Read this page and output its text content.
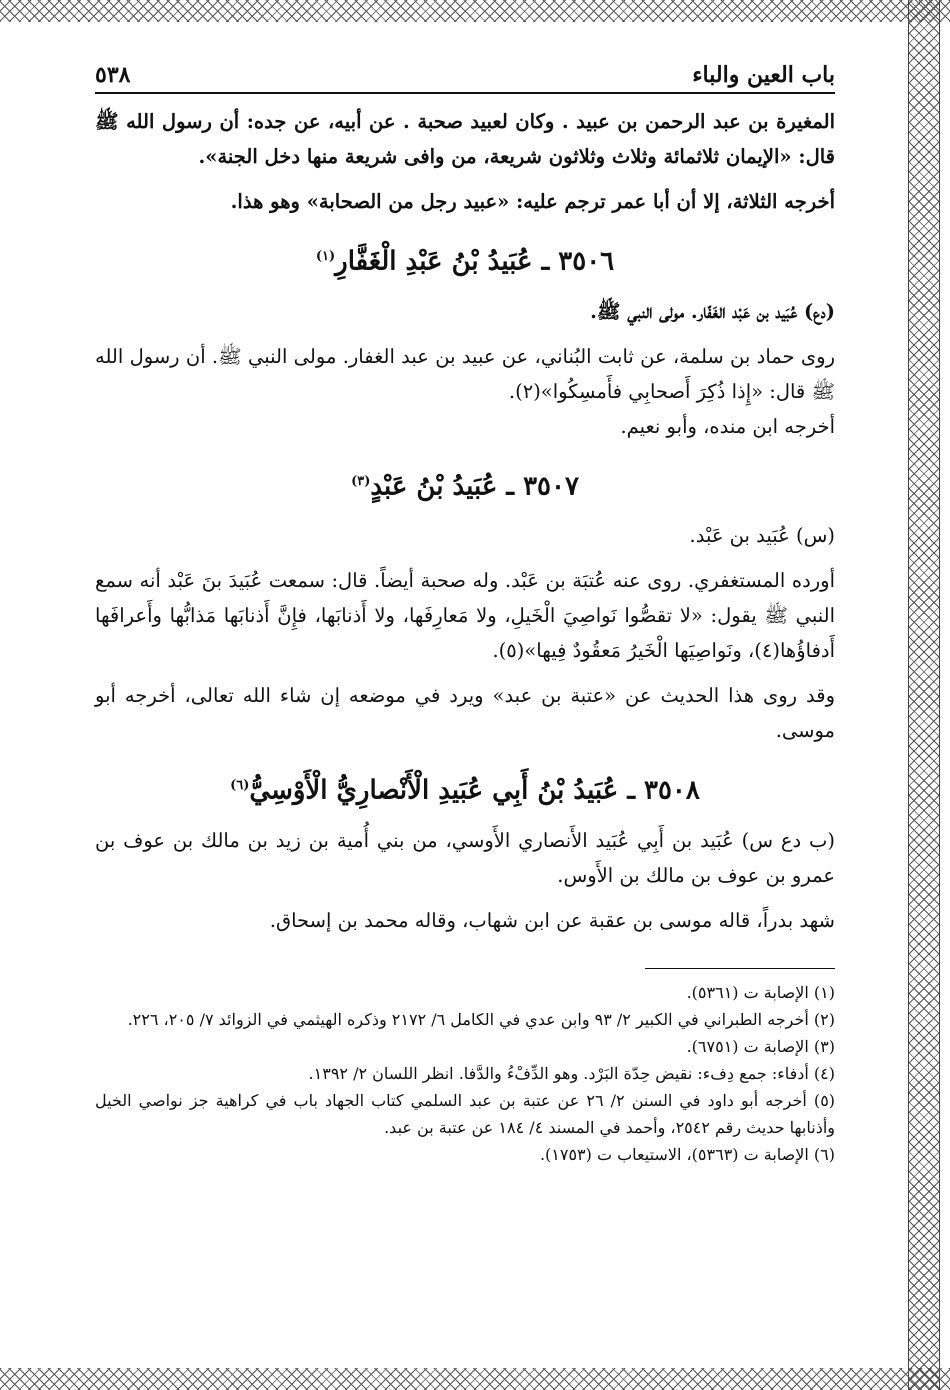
باب العين والباء
٥٣٨

المغيرة بن عبد الرحمن بن عبيد . وكان لعبيد صحبة . عن أبيه، عن جده: أن رسول الله ﷺ قال: «الإيمان ثلاثمائة وثلاث وثلاثون شريعة، من وافى شريعة منها دخل الجنة».

أخرجه الثلاثة، إلا أن أبا عمر ترجم عليه: «عبيد رجل من الصحابة» وهو هذا.

٣٥٠٦ ـ عُبَيدُ بْنُ عَبْدِ الْغَفَّارِ$^{(١)}$

(دع) عُبَيد بن عَبْد الغَفّار. مولى النبي ﷺ.

روى حماد بن سلمة، عن ثابت البُناني، عن عبيد بن عبد الغفار. مولى النبي ﷺ. أن رسول الله ﷺ قال: «إِذا ذُكِرَ أَصحابِي فأَمسِكُوا»(٢).

أخرجه ابن منده، وأبو نعيم.

٣٥٠٧ ـ عُبَيدُ بْنُ عَبْدٍ$^{(٣)}$

(س) عُبَيد بن عَبْد.

أورده المستغفري. روى عنه عُتبَة بن عَبْد. وله صحبة أيضاً. قال: سمعت عُبَيدَ بنَ عَبْد أنه سمع النبي ﷺ يقول: «لا تقصُّوا نَواصِيَ الْخَيلِ، ولا مَعارِفَها، ولا أَذنابَها، فإِنَّ أَذنابَها مَذابُّها وأَعرافَها أَدفاؤُها(٤)، ونَواصِيَها الْخَيرُ مَعقُودٌ فِيها»(٥).

وقد روى هذا الحديث عن «عتبة بن عبد» ويرد في موضعه إن شاء الله تعالى، أخرجه أبو موسى.

٣٥٠٨ ـ عُبَيدُ بْنُ أَبِي عُبَيدِ الْأَنْصارِيُّ الْأَوْسِيُّ$^{(٦)}$

(ب دع س) عُبَيد بن أَبِي عُبَيد الأَنصاري الأَوسي، من بني أُمية بن زيد بن مالك بن عوف بن عمرو بن عوف بن مالك بن الأَوس.

شهد بدراً، قاله موسى بن عقبة عن ابن شهاب، وقاله محمد بن إسحاق.

(١) الإصابة ت (٥٣٦١).

(٢) أخرجه الطبراني في الكبير ٢/ ٩٣ وابن عدي في الكامل ٦/ ٢١٧٢ وذكره الهيثمي في الزوائد ٧/ ٢٠٥، ٢٢٦.

(٣) الإصابة ت (٦٧٥١).

(٤) أدفاء: جمع دِفء: نقيض حِدّة البَرْد. وهو الدِّفْءُ والدَّفا. انظر اللسان ٢/ ١٣٩٢.

(٥) أخرجه أبو داود في السنن ٢/ ٢٦ عن عتبة بن عبد السلمي كتاب الجهاد باب في كراهية جز نواصي الخيل وأذنابها حديث رقم ٢٥٤٢، وأحمد في المسند ٤/ ١٨٤ عن عتبة بن عبد.

(٦) الإصابة ت (٥٣٦٣)، الاستيعاب ت (١٧٥٣).
